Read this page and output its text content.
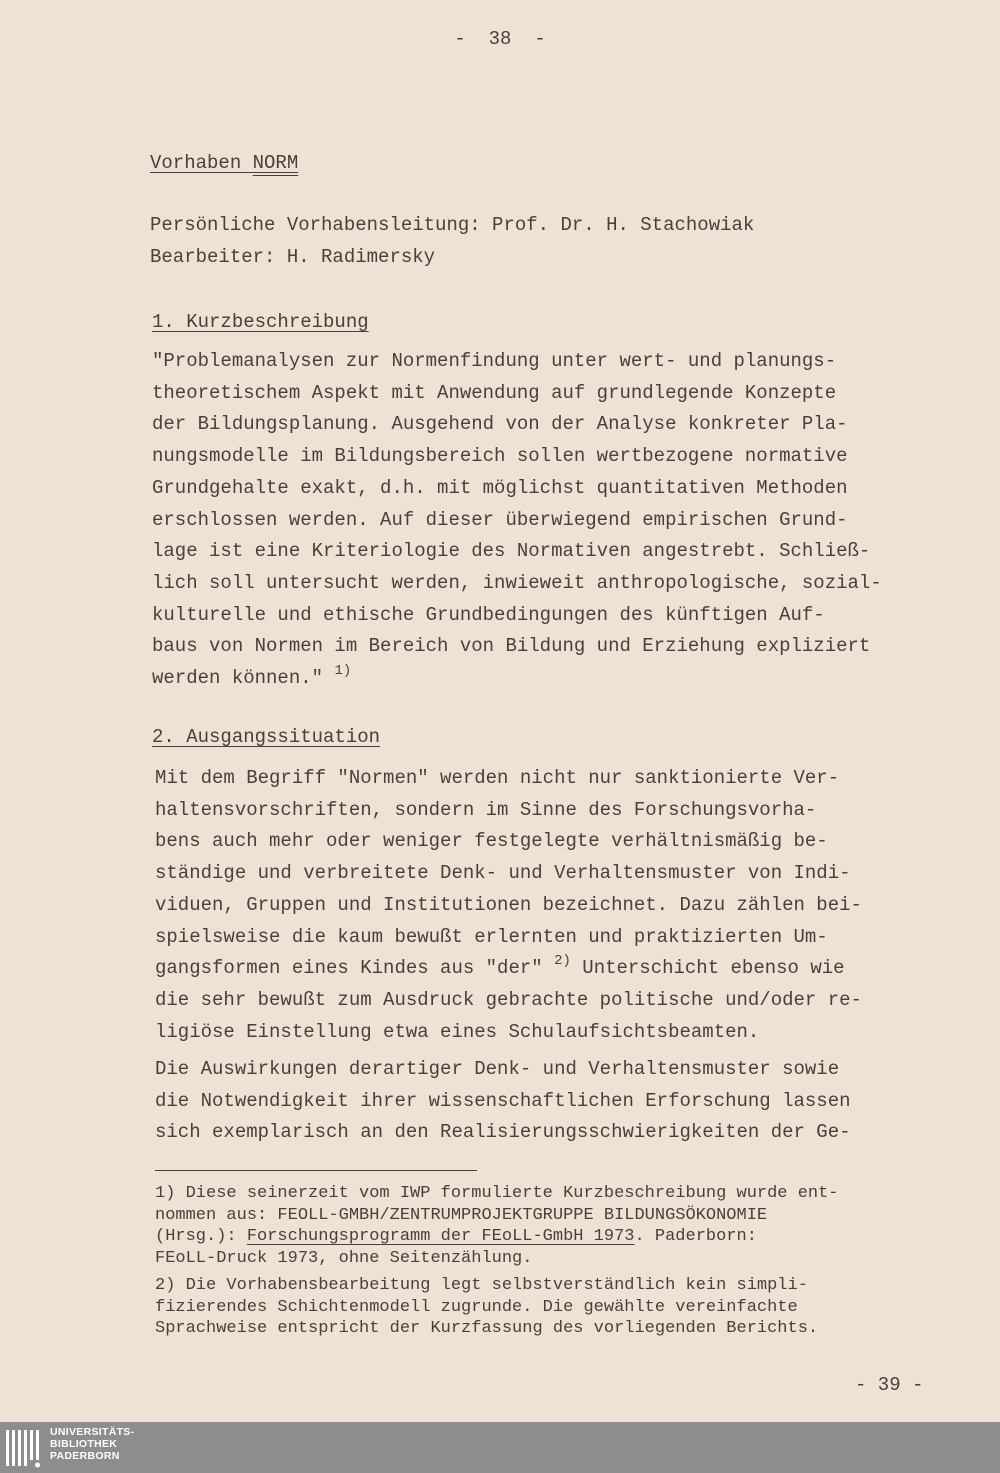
-  38  -
Vorhaben NORM
Persönliche Vorhabensleitung: Prof. Dr. H. Stachowiak
Bearbeiter: H. Radimersky
1. Kurzbeschreibung
"Problemanalysen zur Normenfindung unter wert- und planungs-
theoretischem Aspekt mit Anwendung auf grundlegende Konzepte
der Bildungsplanung. Ausgehend von der Analyse konkreter Pla-
nungsmodelle im Bildungsbereich sollen wertbezogene normative
Grundgehalte exakt, d.h. mit möglichst quantitativen Methoden
erschlossen werden. Auf dieser überwiegend empirischen Grund-
lage ist eine Kriteriologie des Normativen angestrebt. Schließ-
lich soll untersucht werden, inwieweit anthropologische, sozial-
kulturelle und ethische Grundbedingungen des künftigen Auf-
baus von Normen im Bereich von Bildung und Erziehung expliziert
werden können." $^{1)}$
2. Ausgangssituation
Mit dem Begriff "Normen" werden nicht nur sanktionierte Ver-
haltensvorschriften, sondern im Sinne des Forschungsvorha-
bens auch mehr oder weniger festgelegte verhältnismäßig be-
ständige und verbreitete Denk- und Verhaltensmuster von Indi-
viduen, Gruppen und Institutionen bezeichnet. Dazu zählen bei-
spielsweise die kaum bewußt erlernten und praktizierten Um-
gangsformen eines Kindes aus "der" $^{2)}$ Unterschicht ebenso wie
die sehr bewußt zum Ausdruck gebrachte politische und/oder re-
ligiöse Einstellung etwa eines Schulaufsichtsbeamten.
Die Auswirkungen derartiger Denk- und Verhaltensmuster sowie
die Notwendigkeit ihrer wissenschaftlichen Erforschung lassen
sich exemplarisch an den Realisierungsschwierigkeiten der Ge-
1) Diese seinerzeit vom IWP formulierte Kurzbeschreibung wurde ent-
nommen aus: FEOLL-GMBH/ZENTRUMPROJEKTGRUPPE BILDUNGSÖKONOMIE
(Hrsg.): Forschungsprogramm der FEoLL-GmbH 1973. Paderborn:
FEoLL-Druck 1973, ohne Seitenzählung.
2) Die Vorhabensbearbeitung legt selbstverständlich kein simpli-
fizierendes Schichtenmodell zugrunde. Die gewählte vereinfachte
Sprachweise entspricht der Kurzfassung des vorliegenden Berichts.
- 39 -
UNIVERSITÄTS-
BIBLIOTHEK
PADERBORN
